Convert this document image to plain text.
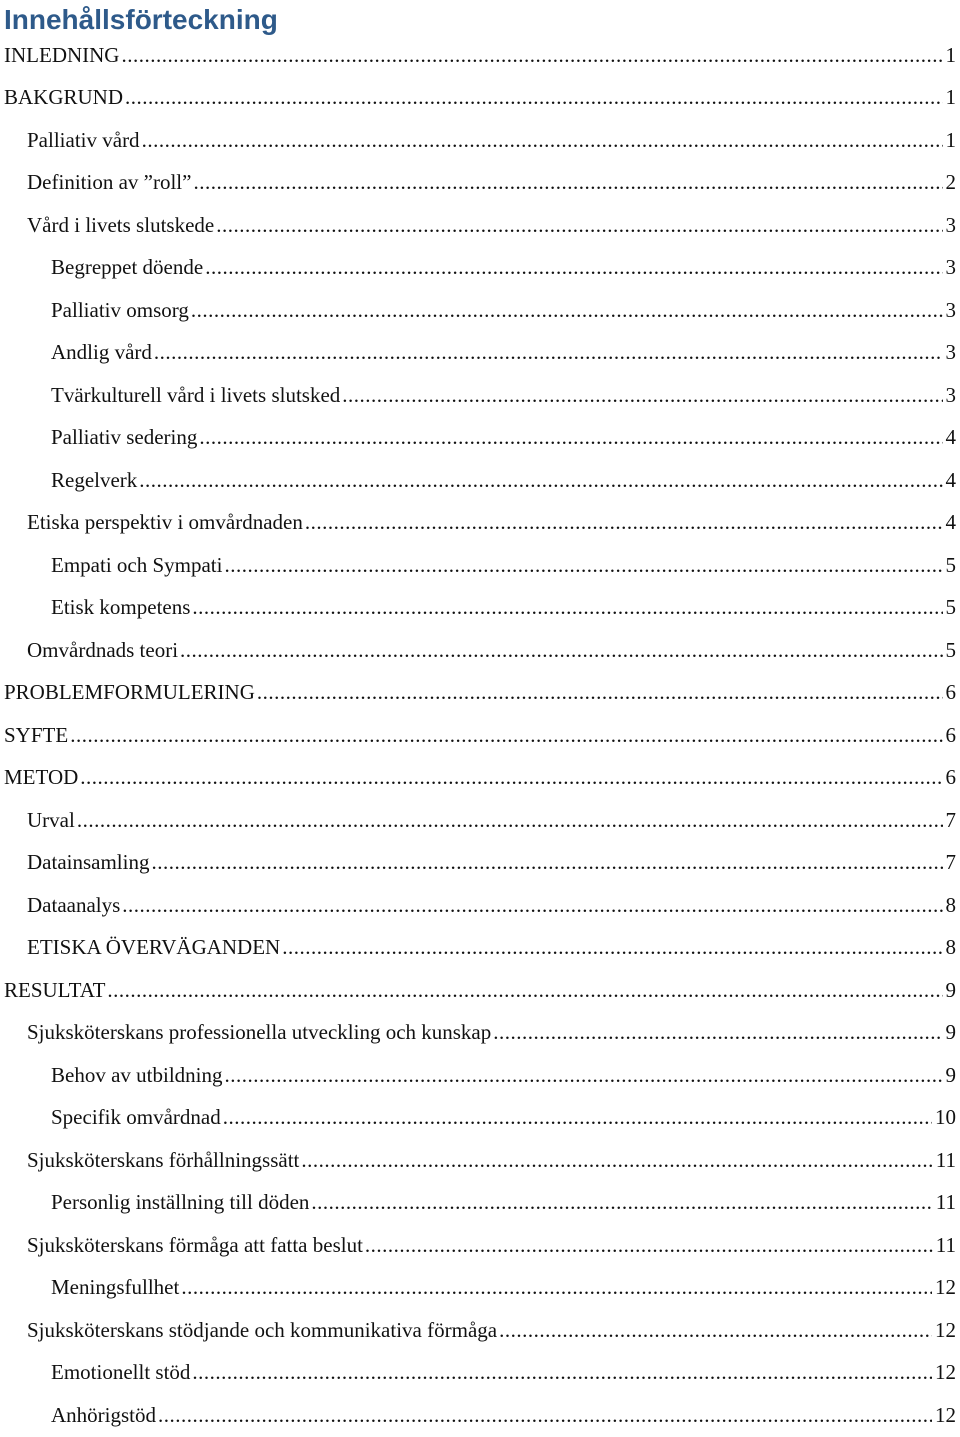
Innehållsförteckning
INLEDNING .....	1
BAKGRUND .....	1
Palliativ vård .....	1
Definition av ”roll” .....	2
Vård i livets slutskede .....	3
Begreppet döende .....	3
Palliativ omsorg .....	3
Andlig vård .....	3
Tvärkulturell vård i livets slutsked .....	3
Palliativ sedering .....	4
Regelverk .....	4
Etiska perspektiv i omvårdnaden .....	4
Empati och Sympati .....	5
Etisk kompetens .....	5
Omvårdnads teori .....	5
PROBLEMFORMULERING .....	6
SYFTE .....	6
METOD .....	6
Urval .....	7
Datainsamling .....	7
Dataanalys .....	8
ETISKA ÖVERVÄGANDEN .....	8
RESULTAT .....	9
Sjuksköterskans professionella utveckling och kunskap .....	9
Behov av utbildning .....	9
Specifik omvårdnad .....	10
Sjuksköterskans förhållningssätt .....	11
Personlig inställning till döden .....	11
Sjuksköterskans förmåga att fatta beslut .....	11
Meningsfullhet .....	12
Sjuksköterskans stödjande och kommunikativa förmåga .....	12
Emotionellt stöd .....	12
Anhörigstöd .....	12
